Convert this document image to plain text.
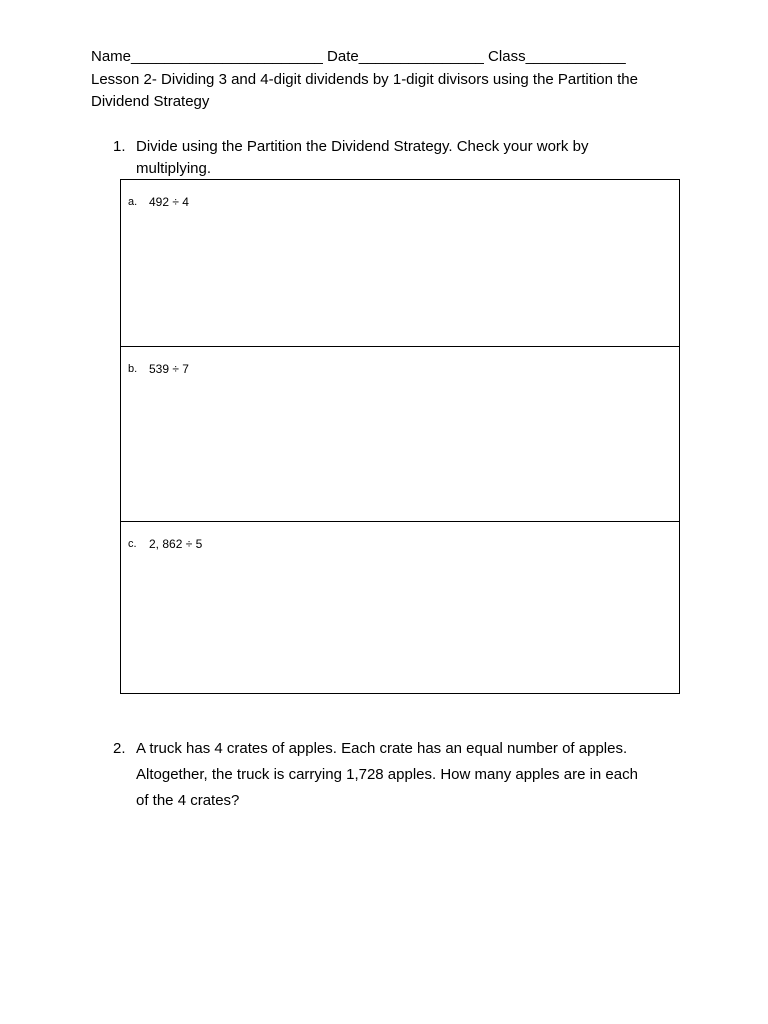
Name_______________________ Date_______________ Class____________
Lesson 2- Dividing 3 and 4-digit dividends by 1-digit divisors using the Partition the
Dividend Strategy
1. Divide using the Partition the Dividend Strategy. Check your work by
multiplying.
a. 492 ÷ 4
b. 539 ÷ 7
c. 2, 862 ÷ 5
2. A truck has 4 crates of apples. Each crate has an equal number of apples.
Altogether, the truck is carrying 1,728 apples. How many apples are in each
of the 4 crates?
